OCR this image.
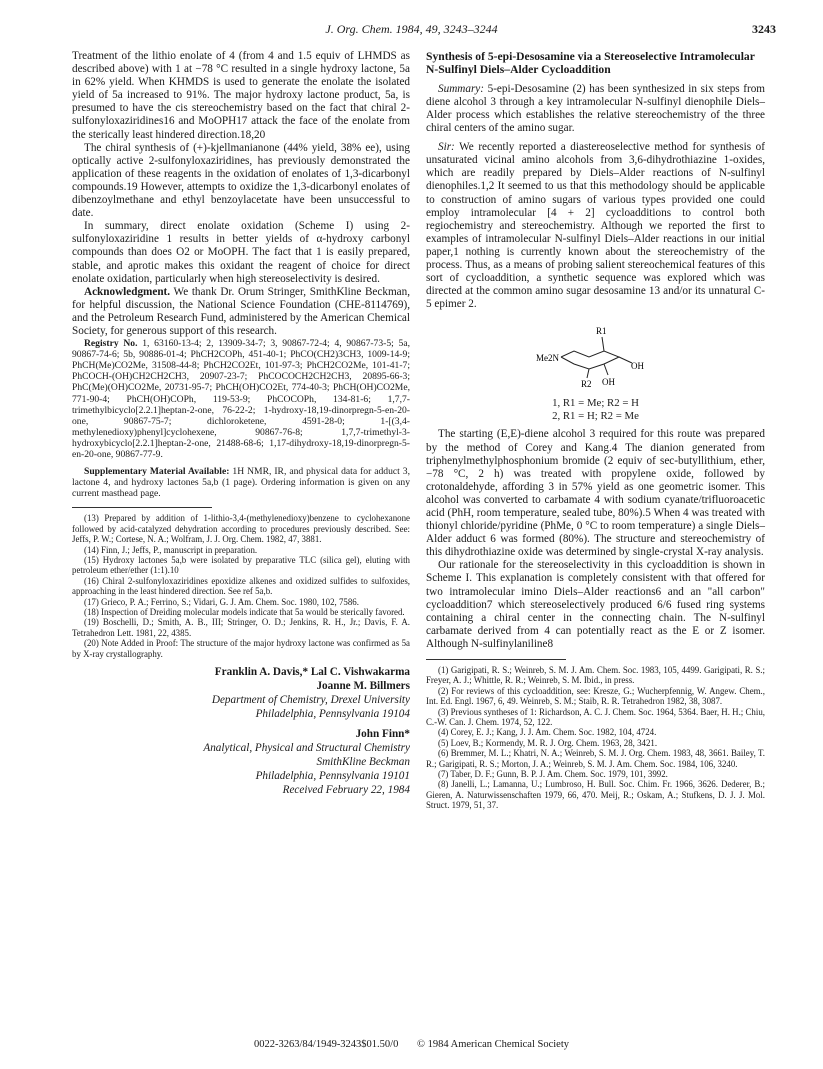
J. Org. Chem. 1984, 49, 3243–3244	3243

Treatment of the lithio enolate of 4 (from 4 and 1.5 equiv of LHMDS as described above) with 1 at −78 °C resulted in a single hydroxy lactone, 5a in 62% yield. When KHMDS is used to generate the enolate the isolated yield of 5a increased to 91%. The major hydroxy lactone product, 5a, is presumed to have the cis stereochemistry based on the fact that chiral 2-sulfonyloxaziridines16 and MoOPH17 attack the face of the enolate from the sterically least hindered direction.18,20

The chiral synthesis of (+)-kjellmanianone (44% yield, 38% ee), using optically active 2-sulfonyloxaziridines, has previously demonstrated the application of these reagents in the oxidation of enolates of 1,3-dicarbonyl compounds.19 However, attempts to oxidize the 1,3-dicarbonyl enolates of dibenzoylmethane and ethyl benzoylacetate have been unsuccessful to date.

In summary, direct enolate oxidation (Scheme I) using 2-sulfonyloxaziridine 1 results in better yields of α-hydroxy carbonyl compounds than does O2 or MoOPH. The fact that 1 is easily prepared, stable, and aprotic makes this oxidant the reagent of choice for direct enolate oxidation, particularly when high stereoselectivity is desired.

Acknowledgment. We thank Dr. Orum Stringer, SmithKline Beckman, for helpful discussion, the National Science Foundation (CHE-8114769), and the Petroleum Research Fund, administered by the American Chemical Society, for generous support of this research.

Registry No. 1, 63160-13-4; 2, 13909-34-7; 3, 90867-72-4; 4, 90867-73-5; 5a, 90867-74-6; 5b, 90886-01-4; PhCH2COPh, 451-40-1; PhCO(CH2)3CH3, 1009-14-9; PhCH(Me)CO2Me, 31508-44-8; PhCH2CO2Et, 101-97-3; PhCH2CO2Me, 101-41-7; PhCOCH-(OH)CH2CH2CH3, 20907-23-7; PhCOCOCH2CH2CH3, 20895-66-3; PhC(Me)(OH)CO2Me, 20731-95-7; PhCH(OH)CO2Et, 774-40-3; PhCH(OH)CO2Me, 771-90-4; PhCH(OH)COPh, 119-53-9; PhCOCOPh, 134-81-6; 1,7,7-trimethylbicyclo[2.2.1]heptan-2-one, 76-22-2; 1-hydroxy-18,19-dinorpregn-5-en-20-one, 90867-75-7; dichloroketene, 4591-28-0; 1-[(3,4-methylenedioxy)phenyl]cyclohexene, 90867-76-8; 1,7,7-trimethyl-3-hydroxybicyclo[2.2.1]heptan-2-one, 21488-68-6; 1,17-dihydroxy-18,19-dinorpregn-5-en-20-one, 90867-77-9.

Supplementary Material Available: 1H NMR, IR, and physical data for adduct 3, lactone 4, and hydroxy lactones 5a,b (1 page). Ordering information is given on any current masthead page.

(13) Prepared by addition of 1-lithio-3,4-(methylenedioxy)benzene to cyclohexanone followed by acid-catalyzed dehydration according to procedures previously described. See: Jeffs, P. W.; Cortese, N. A.; Wolfram, J. J. Org. Chem. 1982, 47, 3881.

(14) Finn, J.; Jeffs, P., manuscript in preparation.

(15) Hydroxy lactones 5a,b were isolated by preparative TLC (silica gel), eluting with petroleum ether/ether (1:1).10

(16) Chiral 2-sulfonyloxaziridines epoxidize alkenes and oxidized sulfides to sulfoxides, approaching in the least hindered direction. See ref 5a,b.

(17) Grieco, P. A.; Ferrino, S.; Vidari, G. J. Am. Chem. Soc. 1980, 102, 7586.

(18) Inspection of Dreiding molecular models indicate that 5a would be sterically favored.

(19) Boschelli, D.; Smith, A. B., III; Stringer, O. D.; Jenkins, R. H., Jr.; Davis, F. A. Tetrahedron Lett. 1981, 22, 4385.

(20) Note Added in Proof: The structure of the major hydroxy lactone was confirmed as 5a by X-ray crystallography.

Franklin A. Davis,* Lal C. Vishwakarma
Joanne M. Billmers
Department of Chemistry, Drexel University
Philadelphia, Pennsylvania 19104
John Finn*
Analytical, Physical and Structural Chemistry
SmithKline Beckman
Philadelphia, Pennsylvania 19101
Received February 22, 1984

Synthesis of 5-epi-Desosamine via a Stereoselective Intramolecular N-Sulfinyl Diels–Alder Cycloaddition

Summary: 5-epi-Desosamine (2) has been synthesized in six steps from diene alcohol 3 through a key intramolecular N-sulfinyl dienophile Diels–Alder process which establishes the relative stereochemistry of the three chiral centers of the amino sugar.

Sir: We recently reported a diastereoselective method for synthesis of unsaturated vicinal amino alcohols from 3,6-dihydrothiazine 1-oxides, which are readily prepared by Diels–Alder reactions of N-sulfinyl dienophiles.1,2 It seemed to us that this methodology should be applicable to construction of amino sugars of various types provided one could employ intramolecular [4 + 2] cycloadditions to control both regiochemistry and stereochemistry. Although we reported the first to examples of intramolecular N-sulfinyl Diels–Alder reactions in our initial paper,1 nothing is currently known about the stereochemistry of the process. Thus, as a means of probing salient stereochemical features of this sort of cycloaddition, a synthetic sequence was explored which was directed at the common amino sugar desosamine 13 and/or its unnatural C-5 epimer 2.

R1
Me2N
R2 OH
OH

1, R1 = Me; R2 = H

2, R1 = H; R2 = Me

The starting (E,E)-diene alcohol 3 required for this route was prepared by the method of Corey and Kang.4 The dianion generated from triphenylmethylphosphonium bromide (2 equiv of sec-butyllithium, ether, −78 °C, 2 h) was treated with propylene oxide, followed by crotonaldehyde, affording 3 in 57% yield as one geometric isomer. This alcohol was converted to carbamate 4 with sodium cyanate/trifluoroacetic acid (PhH, room temperature, sealed tube, 80%).5 When 4 was treated with thionyl chloride/pyridine (PhMe, 0 °C to room temperature) a single Diels–Alder adduct 6 was formed (80%). The structure and stereochemistry of this dihydrothiazine oxide was determined by single-crystal X-ray analysis.

Our rationale for the stereoselectivity in this cycloaddition is shown in Scheme I. This explanation is completely consistent with that offered for two intramolecular imino Diels–Alder reactions6 and an "all carbon" cycloaddition7 which stereoselectively produced 6/6 fused ring systems containing a chiral center in the connecting chain. The N-sulfinyl carbamate derived from 4 can potentially react as the E or Z isomer. Although N-sulfinylaniline8

(1) Garigipati, R. S.; Weinreb, S. M. J. Am. Chem. Soc. 1983, 105, 4499. Garigipati, R. S.; Freyer, A. J.; Whittle, R. R.; Weinreb, S. M. Ibid., in press.

(2) For reviews of this cycloaddition, see: Kresze, G.; Wucherpfennig, W. Angew. Chem., Int. Ed. Engl. 1967, 6, 49. Weinreb, S. M.; Staib, R. R. Tetrahedron 1982, 38, 3087.

(3) Previous syntheses of 1: Richardson, A. C. J. Chem. Soc. 1964, 5364. Baer, H. H.; Chiu, C.-W. Can. J. Chem. 1974, 52, 122.

(4) Corey, E. J.; Kang, J. J. Am. Chem. Soc. 1982, 104, 4724.

(5) Loev, B.; Kormendy, M. R. J. Org. Chem. 1963, 28, 3421.

(6) Bremmer, M. L.; Khatri, N. A.; Weinreb, S. M. J. Org. Chem. 1983, 48, 3661. Bailey, T. R.; Garigipati, R. S.; Morton, J. A.; Weinreb, S. M. J. Am. Chem. Soc. 1984, 106, 3240.

(7) Taber, D. F.; Gunn, B. P. J. Am. Chem. Soc. 1979, 101, 3992.

(8) Janelli, L.; Lamanna, U.; Lumbroso, H. Bull. Soc. Chim. Fr. 1966, 3626. Dederer, B.; Gieren, A. Naturwissenschaften 1979, 66, 470. Meij, R.; Oskam, A.; Stufkens, D. J. J. Mol. Struct. 1979, 51, 37.

0022-3263/84/1949-3243$01.50/0 © 1984 American Chemical Society
